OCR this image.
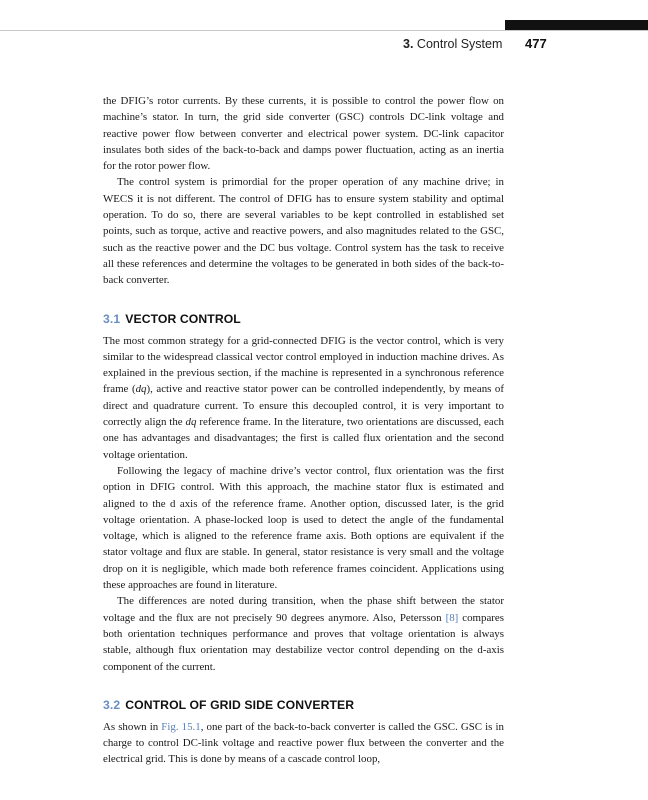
3. Control System 477

the DFIG’s rotor currents. By these currents, it is possible to control the power flow on machine’s stator. In turn, the grid side converter (GSC) controls DC-link voltage and reactive power flow between converter and electrical power system. DC-link capacitor insulates both sides of the back-to-back and damps power fluctuation, acting as an inertia for the rotor power flow.

The control system is primordial for the proper operation of any machine drive; in WECS it is not different. The control of DFIG has to ensure system stability and optimal operation. To do so, there are several variables to be kept controlled in established set points, such as torque, active and reactive powers, and also magnitudes related to the GSC, such as the reactive power and the DC bus voltage. Control system has the task to receive all these references and determine the voltages to be generated in both sides of the back-to-back converter.

3.1 VECTOR CONTROL

The most common strategy for a grid-connected DFIG is the vector control, which is very similar to the widespread classical vector control employed in induction machine drives. As explained in the previous section, if the machine is represented in a synchronous reference frame (dq), active and reactive stator power can be controlled independently, by means of direct and quadrature current. To ensure this decoupled control, it is very important to correctly align the dq reference frame. In the literature, two orientations are discussed, each one has advantages and disadvantages; the first is called flux orientation and the second voltage orientation.

Following the legacy of machine drive’s vector control, flux orientation was the first option in DFIG control. With this approach, the machine stator flux is estimated and aligned to the d axis of the reference frame. Another option, discussed later, is the grid voltage orientation. A phase-locked loop is used to detect the angle of the fundamental voltage, which is aligned to the reference frame axis. Both options are equivalent if the stator voltage and flux are stable. In general, stator resistance is very small and the voltage drop on it is negligible, which made both reference frames coincident. Applications using these approaches are found in literature.

The differences are noted during transition, when the phase shift between the stator voltage and the flux are not precisely 90 degrees anymore. Also, Petersson [8] compares both orientation techniques performance and proves that voltage orientation is always stable, although flux orientation may destabilize vector control depending on the d-axis component of the current.

3.2 CONTROL OF GRID SIDE CONVERTER

As shown in Fig. 15.1, one part of the back-to-back converter is called the GSC. GSC is in charge to control DC-link voltage and reactive power flux between the converter and the electrical grid. This is done by means of a cascade control loop,
